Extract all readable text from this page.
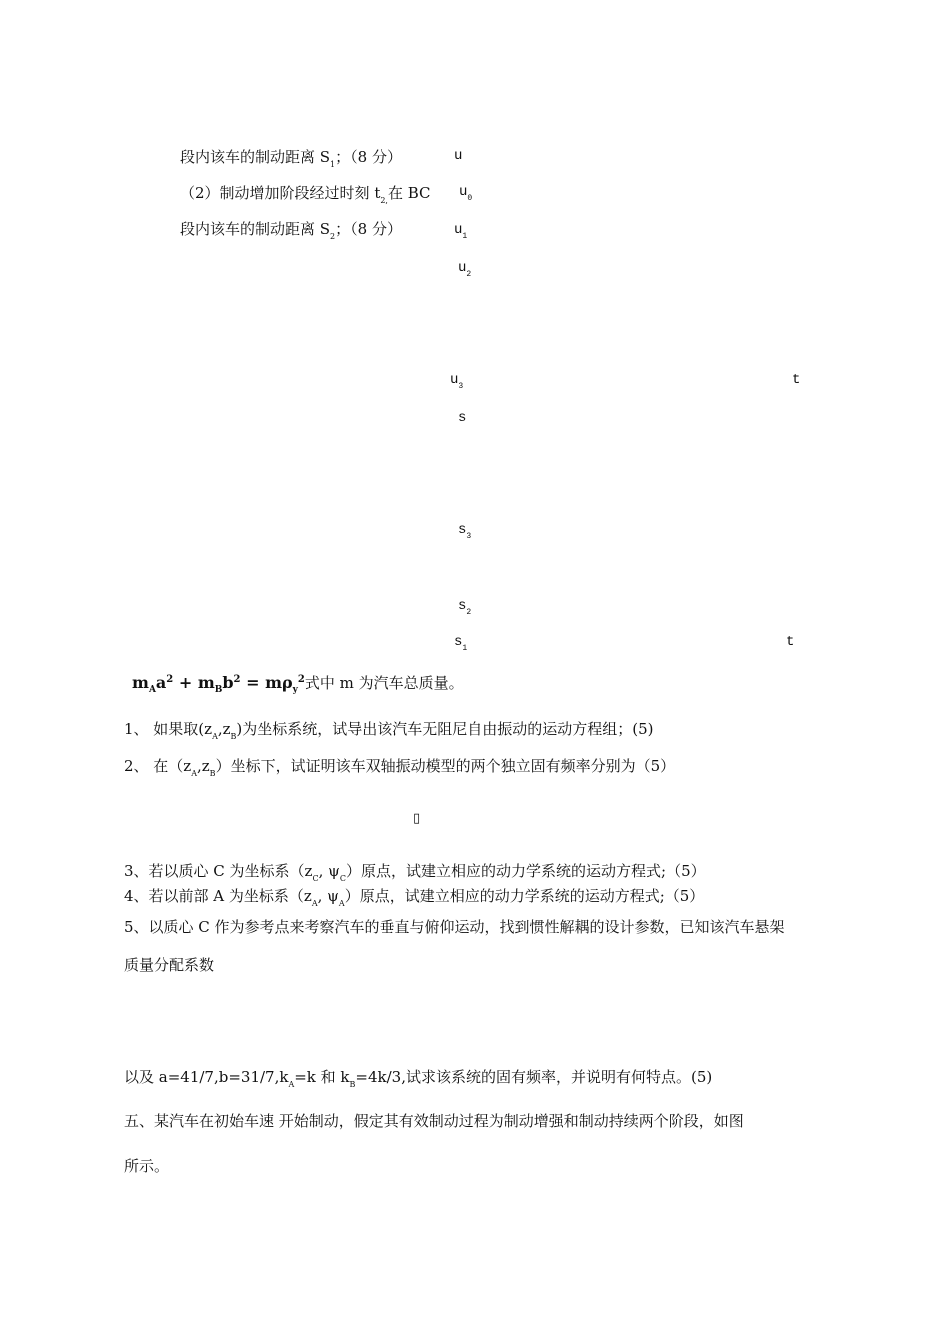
段内该车的制动距离 $S_1$；（8 分）
（2）制动增加阶段经过时刻 $t_{2,}$在 BC
段内该车的制动距离 $S_2$；（8 分）
u
$u_0$
$u_1$
$u_2$
$u_3$	t
s
$s_3$
$s_2$
$s_1$	t
$m_Aa^2 + m_Bb^2 = m\rho_y^2$式中 m 为汽车总质量。
1、 如果取$(z_A,z_B)$为坐标系统，试导出该汽车无阻尼自由振动的运动方程组；(5)
2、 在$(z_A,z_B)$坐标下，试证明该车双轴振动模型的两个独立固有频率分别为（5）
▯
3、若以质心 C 为坐标系（$z_C$, $\psi_C$）原点，试建立相应的动力学系统的运动方程式;（5）
4、若以前部 A 为坐标系（$z_A$, $\psi_A$）原点，试建立相应的动力学系统的运动方程式;（5）
5、以质心 C 作为参考点来考察汽车的垂直与俯仰运动，找到惯性解耦的设计参数，已知该汽车悬架
质量分配系数
以及 $a=41/7,b=31/7,k_A=k$ 和 $k_B=4k/3$,试求该系统的固有频率，并说明有何特点。(5)
五、某汽车在初始车速 开始制动，假定其有效制动过程为制动增强和制动持续两个阶段，如图
所示。
